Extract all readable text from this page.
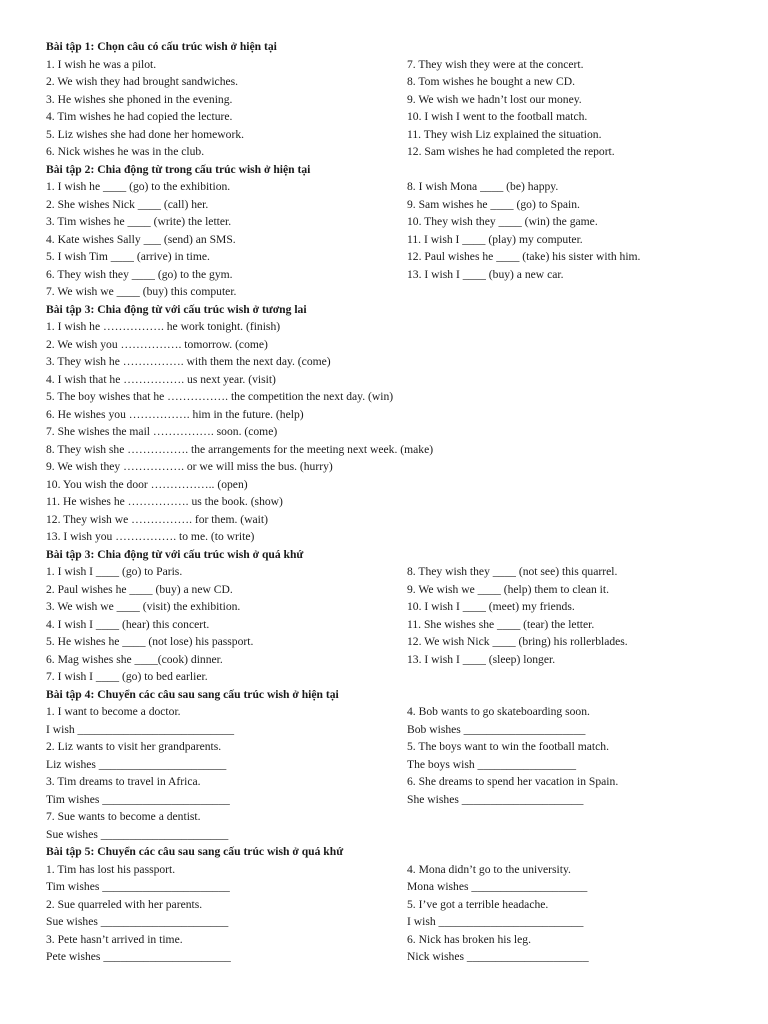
Bài tập 1: Chọn câu có cấu trúc wish ở hiện tại
1. I wish he was a pilot.	7. They wish they were at the concert.
2. We wish they had brought sandwiches.	8. Tom wishes he bought a new CD.
3. He wishes she phoned in the evening.	9. We wish we hadn’t lost our money.
4. Tim wishes he had copied the lecture.	10. I wish I went to the football match.
5. Liz wishes she had done her homework.	11. They wish Liz explained the situation.
6. Nick wishes he was in the club.	12. Sam wishes he had completed the report.
Bài tập 2: Chia động từ trong cấu trúc wish ở hiện tại
1. I wish he ____ (go) to the exhibition.	8. I wish Mona ____ (be) happy.
2. She wishes Nick ____ (call) her.	9. Sam wishes he ____ (go) to Spain.
3. Tim wishes he ____ (write) the letter.	10. They wish they ____ (win) the game.
4. Kate wishes Sally ___ (send) an SMS.	11. I wish I ____ (play) my computer.
5. I wish Tim ____ (arrive) in time.	12. Paul wishes he ____ (take) his sister with him.
6. They wish they ____ (go) to the gym.	13. I wish I ____ (buy) a new car.
7. We wish we ____ (buy) this computer.
Bài tập 3: Chia động từ với cấu trúc wish ở tương lai
1. I wish he ……………. he work tonight. (finish)
2. We wish you ……………. tomorrow. (come)
3. They wish he ……………. with them the next day. (come)
4. I wish that he ……………. us next year. (visit)
5. The boy wishes that he ……………. the competition the next day. (win)
6. He wishes you ……………. him in the future. (help)
7. She wishes the mail ……………. soon. (come)
8. They wish she ……………. the arrangements for the meeting next week. (make)
9. We wish they ……………. or we will miss the bus. (hurry)
10. You wish the door …………….. (open)
11. He wishes he ……………. us the book. (show)
12. They wish we ……………. for them. (wait)
13. I wish you ……………. to me. (to write)
Bài tập 3: Chia động từ với cấu trúc wish ở quá khứ
1. I wish I ____ (go) to Paris.	8. They wish they ____ (not see) this quarrel.
2. Paul wishes he ____ (buy) a new CD.	9. We wish we ____ (help) them to clean it.
3. We wish we ____ (visit) the exhibition.	10. I wish I ____ (meet) my friends.
4. I wish I ____ (hear) this concert.	11. She wishes she ____ (tear) the letter.
5. He wishes he ____ (not lose) his passport.	12. We wish Nick ____ (bring) his rollerblades.
6. Mag wishes she ____(cook) dinner.	13. I wish I ____ (sleep) longer.
7. I wish I ____ (go) to bed earlier.
Bài tập 4: Chuyển các câu sau sang cấu trúc wish ở hiện tại
1. I want to become a doctor.	4. Bob wants to go skateboarding soon.
I wish ___________________________	Bob wishes _____________________
2. Liz wants to visit her grandparents.	5. The boys want to win the football match.
Liz wishes ______________________	The boys wish _________________
3. Tim dreams to travel in Africa.	6. She dreams to spend her vacation in Spain.
Tim wishes ______________________	She wishes _____________________
7. Sue wants to become a dentist.
Sue wishes ______________________
Bài tập 5: Chuyển các câu sau sang cấu trúc wish ở quá khứ
1. Tim has lost his passport.	4. Mona didn’t go to the university.
Tim wishes ______________________	Mona wishes ____________________
2. Sue quarreled with her parents.	5. I’ve got a terrible headache.
Sue wishes ______________________	I wish _________________________
3. Pete hasn’t arrived in time.	6. Nick has broken his leg.
Pete wishes ______________________	Nick wishes _____________________
